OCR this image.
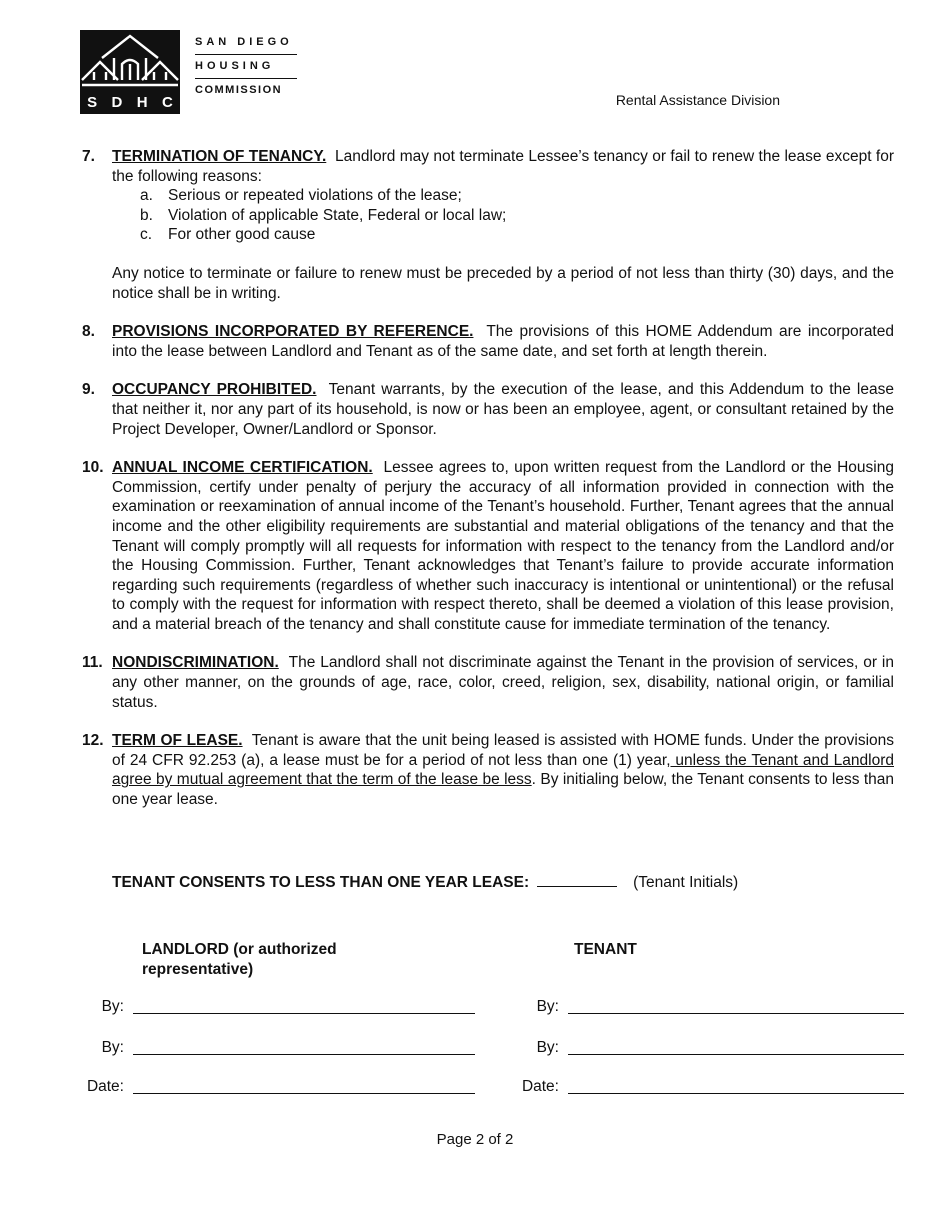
S D H C
SAN DIEGO
HOUSING
COMMISSION
Rental Assistance Division
7.	TERMINATION OF TENANCY. Landlord may not terminate Lessee’s tenancy or fail to renew the lease except for the following reasons:
a. Serious or repeated violations of the lease;
b. Violation of applicable State, Federal or local law;
c.	For other good cause
Any notice to terminate or failure to renew must be preceded by a period of not less than thirty (30) days, and the notice shall be in writing.
8.	PROVISIONS INCORPORATED BY REFERENCE. The provisions of this HOME Addendum are incorporated into the lease between Landlord and Tenant as of the same date, and set forth at length therein.
9.	OCCUPANCY PROHIBITED. Tenant warrants, by the execution of the lease, and this Addendum to the lease that neither it, nor any part of its household, is now or has been an employee, agent, or consultant retained by the Project Developer, Owner/Landlord or Sponsor.
10. ANNUAL INCOME CERTIFICATION. Lessee agrees to, upon written request from the Landlord or the Housing Commission, certify under penalty of perjury the accuracy of all information provided in connection with the examination or reexamination of annual income of the Tenant’s household. Further, Tenant agrees that the annual income and the other eligibility requirements are substantial and material obligations of the tenancy and that the Tenant will comply promptly will all requests for information with respect to the tenancy from the Landlord and/or the Housing Commission. Further, Tenant acknowledges that Tenant’s failure to provide accurate information regarding such requirements (regardless of whether such inaccuracy is intentional or unintentional) or the refusal to comply with the request for information with respect thereto, shall be deemed a violation of this lease provision, and a material breach of the tenancy and shall constitute cause for immediate termination of the tenancy.
11. NONDISCRIMINATION. The Landlord shall not discriminate against the Tenant in the provision of services, or in any other manner, on the grounds of age, race, color, creed, religion, sex, disability, national origin, or familial status.
12. TERM OF LEASE. Tenant is aware that the unit being leased is assisted with HOME funds. Under the provisions of 24 CFR 92.253 (a), a lease must be for a period of not less than one (1) year, unless the Tenant and Landlord agree by mutual agreement that the term of the lease be less. By initialing below, the Tenant consents to less than one year lease.
TENANT CONSENTS TO LESS THAN ONE YEAR LEASE:	(Tenant Initials)
LANDLORD (or authorized
representative)
TENANT
By:
By:
Date:
By:
By:
Date:
Page 2 of 2
